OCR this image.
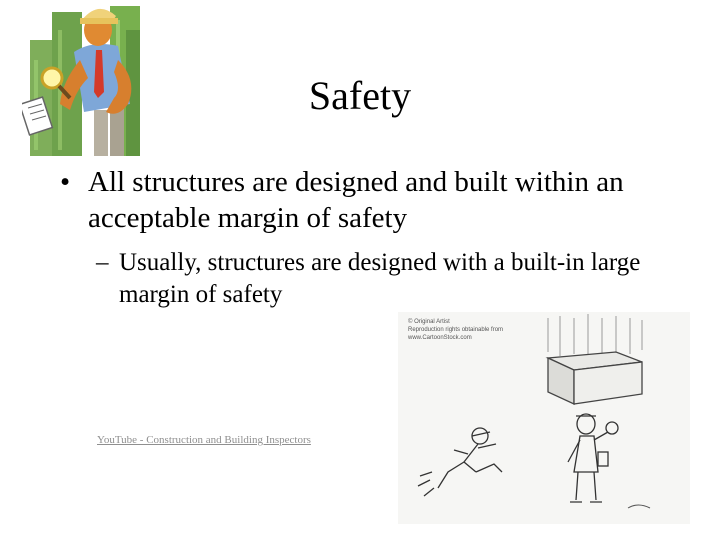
Safety
• All structures are designed and built within an acceptable margin of safety
– Usually, structures are designed with a built-in large margin of safety
YouTube - Construction and Building Inspectors
© Original Artist
Reproduction rights obtainable from
www.CartoonStock.com
